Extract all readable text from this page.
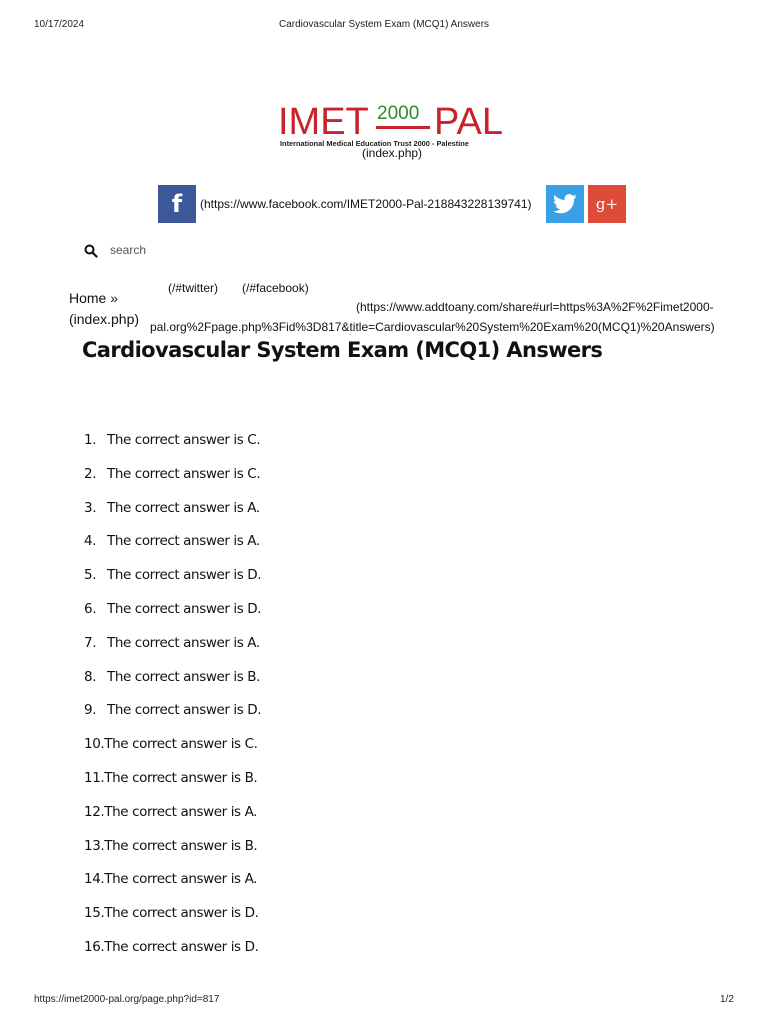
10/17/2024	Cardiovascular System Exam (MCQ1) Answers
IMET 2000 PAL
International Medical Education Trust 2000 - Palestine
(index.php)
f	(https://www.facebook.com/IMET2000-Pal-218843228139741)	g+
search
Home »
(index.php)
(/#twitter) (/#facebook)
(https://www.addtoany.com/share#url=https%3A%2F%2Fimet2000-
pal.org%2Fpage.php%3Fid%3D817&title=Cardiovascular%20System%20Exam%20(MCQ1)%20Answers)
Cardiovascular System Exam (MCQ1) Answers
1. The correct answer is C.
2. The correct answer is C.
3. The correct answer is A.
4. The correct answer is A.
5. The correct answer is D.
6. The correct answer is D.
7. The correct answer is A.
8. The correct answer is B.
9. The correct answer is D.
10.The correct answer is C.
11.The correct answer is B.
12.The correct answer is A.
13.The correct answer is B.
14.The correct answer is A.
15.The correct answer is D.
16.The correct answer is D.
https://imet2000-pal.org/page.php?id=817	1/2
